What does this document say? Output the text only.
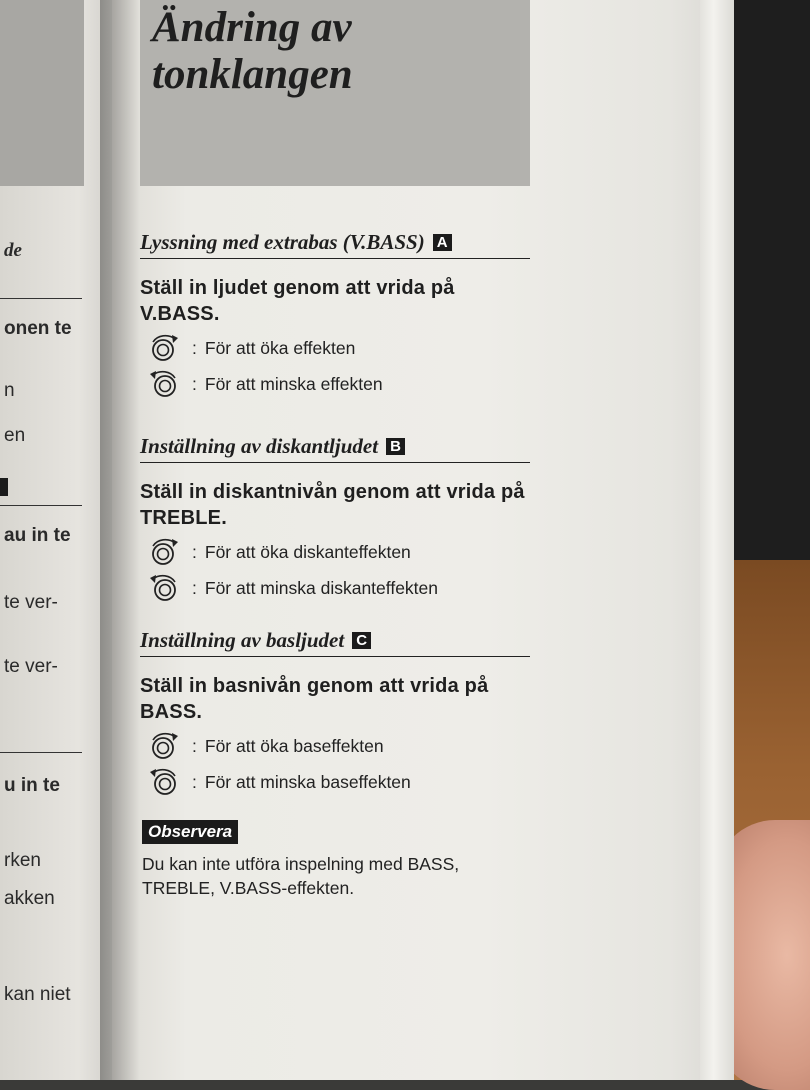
de
onen te
n
en
au in te
te ver-
te ver-
u in te
rken
akken
kan niet
Ändring av
tonklangen
Lyssning med extrabas (V.BASS) A
Ställ in ljudet genom att vrida på V.BASS.
: För att öka effekten
: För att minska effekten
Inställning av diskantljudet B
Ställ in diskantnivån genom att vrida på TREBLE.
: För att öka diskanteffekten
: För att minska diskanteffekten
Inställning av basljudet C
Ställ in basnivån genom att vrida på BASS.
: För att öka baseffekten
: För att minska baseffekten
Observera
Du kan inte utföra inspelning med BASS, TREBLE, V.BASS-effekten.
